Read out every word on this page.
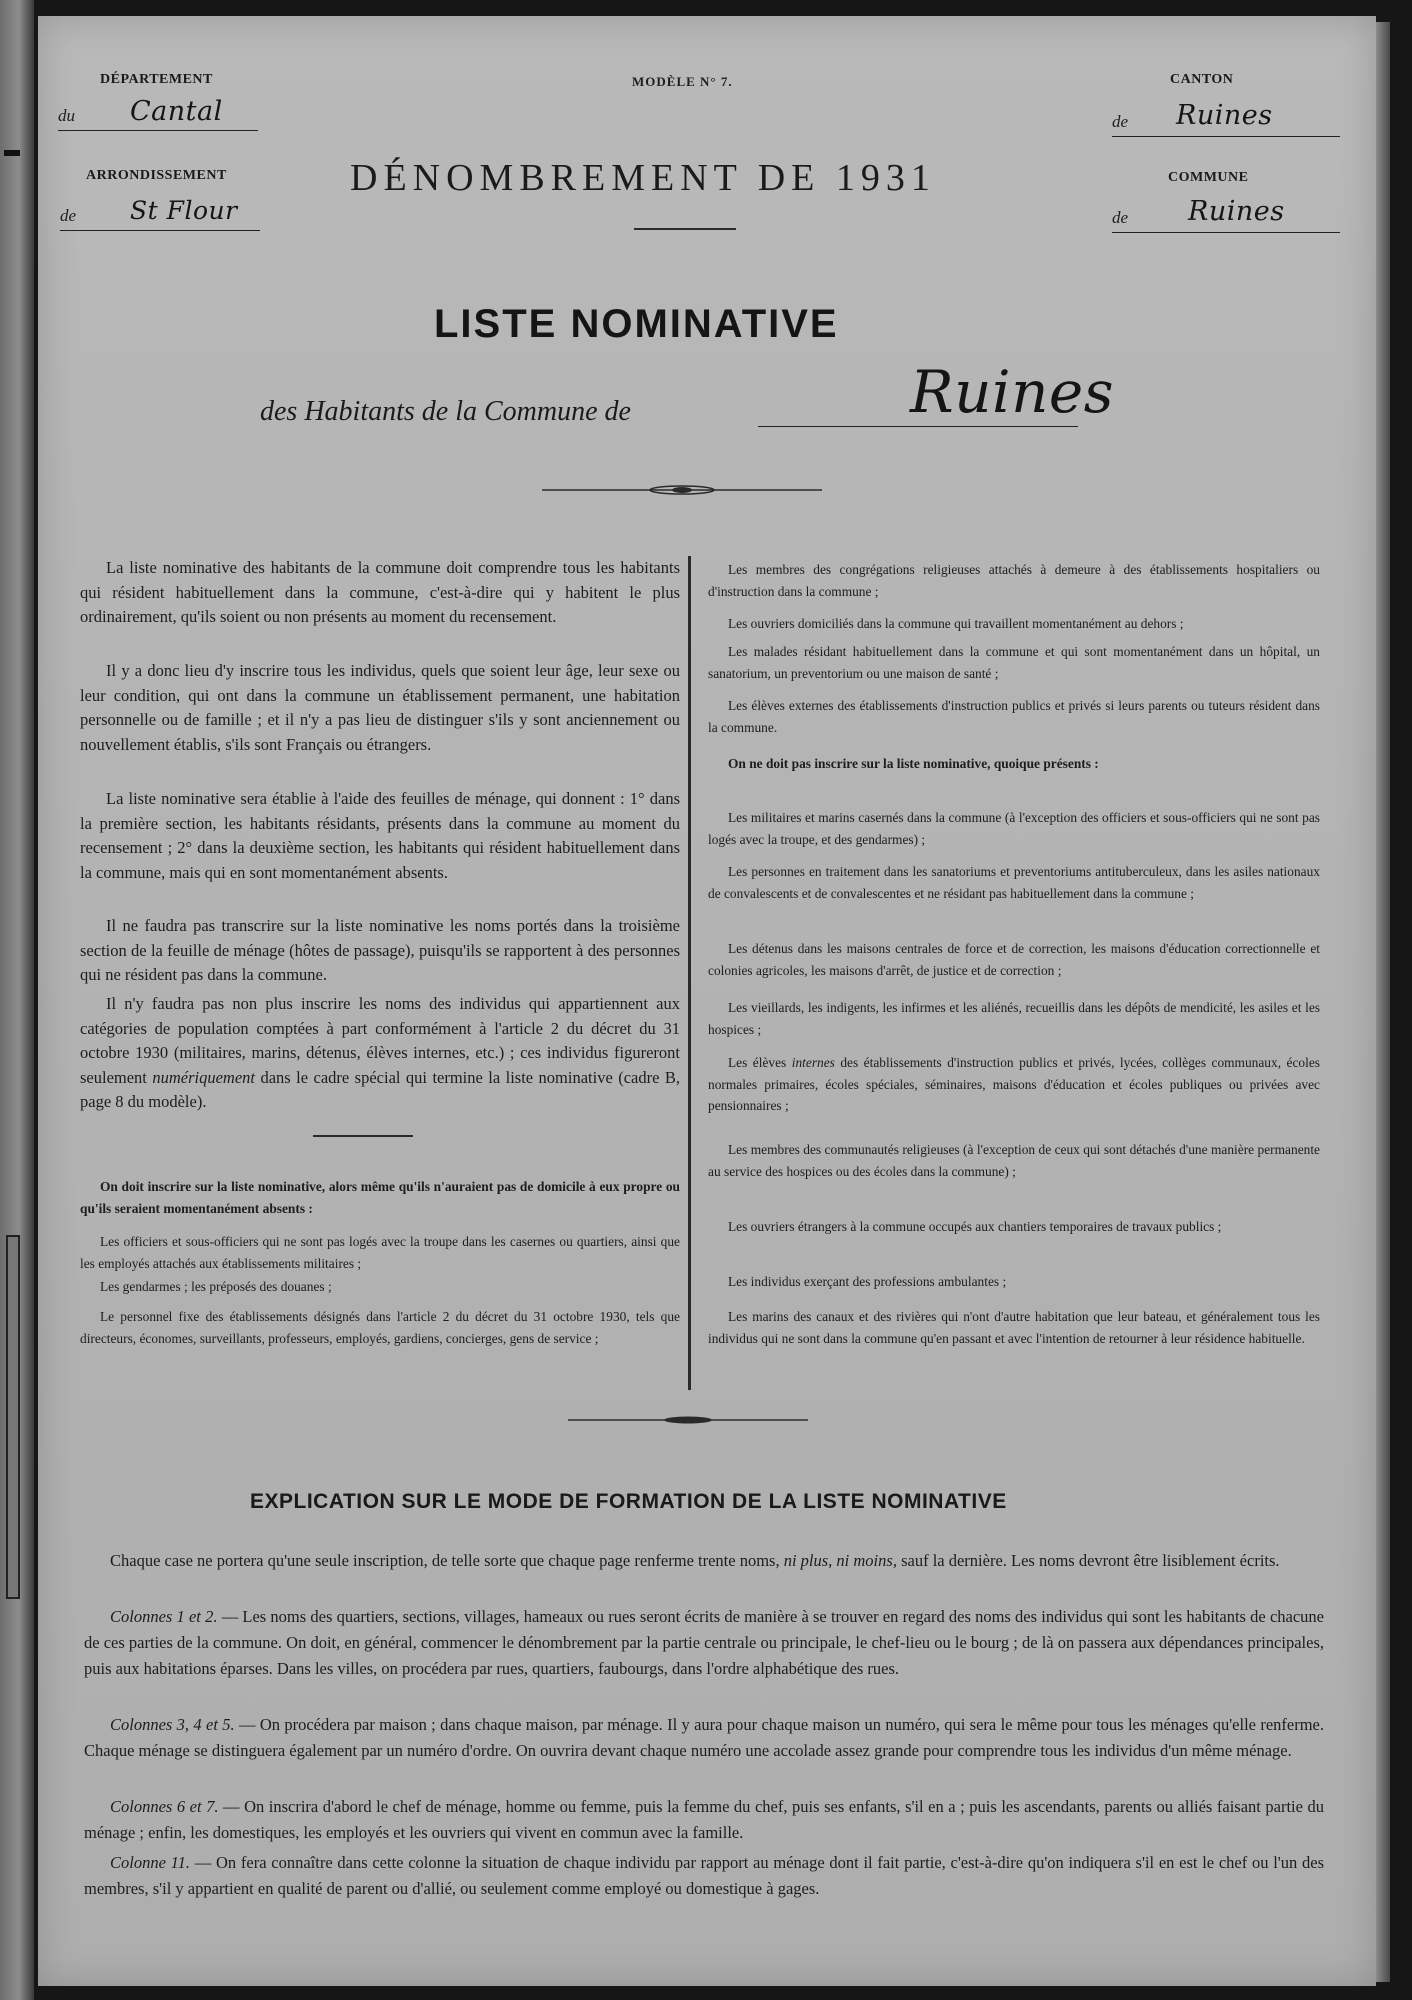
DÉPARTEMENT
du Cantal
ARRONDISSEMENT
de St Flour
MODÈLE N° 7.
DÉNOMBREMENT DE 1931
CANTON
de Ruines
COMMUNE
de Ruines
LISTE NOMINATIVE
des Habitants de la Commune de	Ruines

La liste nominative des habitants de la commune doit comprendre tous les habitants qui résident habituellement dans la commune, c'est-à-dire qui y habitent le plus ordinairement, qu'ils soient ou non présents au moment du recensement.

Il y a donc lieu d'y inscrire tous les individus, quels que soient leur âge, leur sexe ou leur condition, qui ont dans la commune un établissement permanent, une habitation personnelle ou de famille ; et il n'y a pas lieu de distinguer s'ils y sont anciennement ou nouvellement établis, s'ils sont Français ou étrangers.

La liste nominative sera établie à l'aide des feuilles de ménage, qui donnent : 1° dans la première section, les habitants résidants, présents dans la commune au moment du recensement ; 2° dans la deuxième section, les habitants qui résident habituellement dans la commune, mais qui en sont momentanément absents.

Il ne faudra pas transcrire sur la liste nominative les noms portés dans la troisième section de la feuille de ménage (hôtes de passage), puisqu'ils se rapportent à des personnes qui ne résident pas dans la commune.

Il n'y faudra pas non plus inscrire les noms des individus qui appartiennent aux catégories de population comptées à part conformément à l'article 2 du décret du 31 octobre 1930 (militaires, marins, détenus, élèves internes, etc.) ; ces individus figureront seulement numériquement dans le cadre spécial qui termine la liste nominative (cadre B, page 8 du modèle).

On doit inscrire sur la liste nominative, alors même qu'ils n'auraient pas de domicile à eux propre ou qu'ils seraient momentanément absents :

Les officiers et sous-officiers qui ne sont pas logés avec la troupe dans les casernes ou quartiers, ainsi que les employés attachés aux établissements militaires ;

Les gendarmes ; les préposés des douanes ;

Le personnel fixe des établissements désignés dans l'article 2 du décret du 31 octobre 1930, tels que directeurs, économes, surveillants, professeurs, employés, gardiens, concierges, gens de service ;

Les membres des congrégations religieuses attachés à demeure à des établissements hospitaliers ou d'instruction dans la commune ;

Les ouvriers domiciliés dans la commune qui travaillent momentanément au dehors ;

Les malades résidant habituellement dans la commune et qui sont momentanément dans un hôpital, un sanatorium, un preventorium ou une maison de santé ;

Les élèves externes des établissements d'instruction publics et privés si leurs parents ou tuteurs résident dans la commune.

On ne doit pas inscrire sur la liste nominative, quoique présents :

Les militaires et marins casernés dans la commune (à l'exception des officiers et sous-officiers qui ne sont pas logés avec la troupe, et des gendarmes) ;

Les personnes en traitement dans les sanatoriums et preventoriums antituberculeux, dans les asiles nationaux de convalescents et de convalescentes et ne résidant pas habituellement dans la commune ;

Les détenus dans les maisons centrales de force et de correction, les maisons d'éducation correctionnelle et colonies agricoles, les maisons d'arrêt, de justice et de correction ;

Les vieillards, les indigents, les infirmes et les aliénés, recueillis dans les dépôts de mendicité, les asiles et les hospices ;

Les élèves internes des établissements d'instruction publics et privés, lycées, collèges communaux, écoles normales primaires, écoles spéciales, séminaires, maisons d'éducation et écoles publiques ou privées avec pensionnaires ;

Les membres des communautés religieuses (à l'exception de ceux qui sont détachés d'une manière permanente au service des hospices ou des écoles dans la commune) ;

Les ouvriers étrangers à la commune occupés aux chantiers temporaires de travaux publics ;

Les individus exerçant des professions ambulantes ;

Les marins des canaux et des rivières qui n'ont d'autre habitation que leur bateau, et généralement tous les individus qui ne sont dans la commune qu'en passant et avec l'intention de retourner à leur résidence habituelle.

EXPLICATION SUR LE MODE DE FORMATION DE LA LISTE NOMINATIVE

Chaque case ne portera qu'une seule inscription, de telle sorte que chaque page renferme trente noms, ni plus, ni moins, sauf la dernière. Les noms devront être lisiblement écrits.

Colonnes 1 et 2. — Les noms des quartiers, sections, villages, hameaux ou rues seront écrits de manière à se trouver en regard des noms des individus qui sont les habitants de chacune de ces parties de la commune. On doit, en général, commencer le dénombrement par la partie centrale ou principale, le chef-lieu ou le bourg ; de là on passera aux dépendances principales, puis aux habitations éparses. Dans les villes, on procédera par rues, quartiers, faubourgs, dans l'ordre alphabétique des rues.

Colonnes 3, 4 et 5. — On procédera par maison ; dans chaque maison, par ménage. Il y aura pour chaque maison un numéro, qui sera le même pour tous les ménages qu'elle renferme. Chaque ménage se distinguera également par un numéro d'ordre. On ouvrira devant chaque numéro une accolade assez grande pour comprendre tous les individus d'un même ménage.

Colonnes 6 et 7. — On inscrira d'abord le chef de ménage, homme ou femme, puis la femme du chef, puis ses enfants, s'il en a ; puis les ascendants, parents ou alliés faisant partie du ménage ; enfin, les domestiques, les employés et les ouvriers qui vivent en commun avec la famille.

Colonne 11. — On fera connaître dans cette colonne la situation de chaque individu par rapport au ménage dont il fait partie, c'est-à-dire qu'on indiquera s'il en est le chef ou l'un des membres, s'il y appartient en qualité de parent ou d'allié, ou seulement comme employé ou domestique à gages.
